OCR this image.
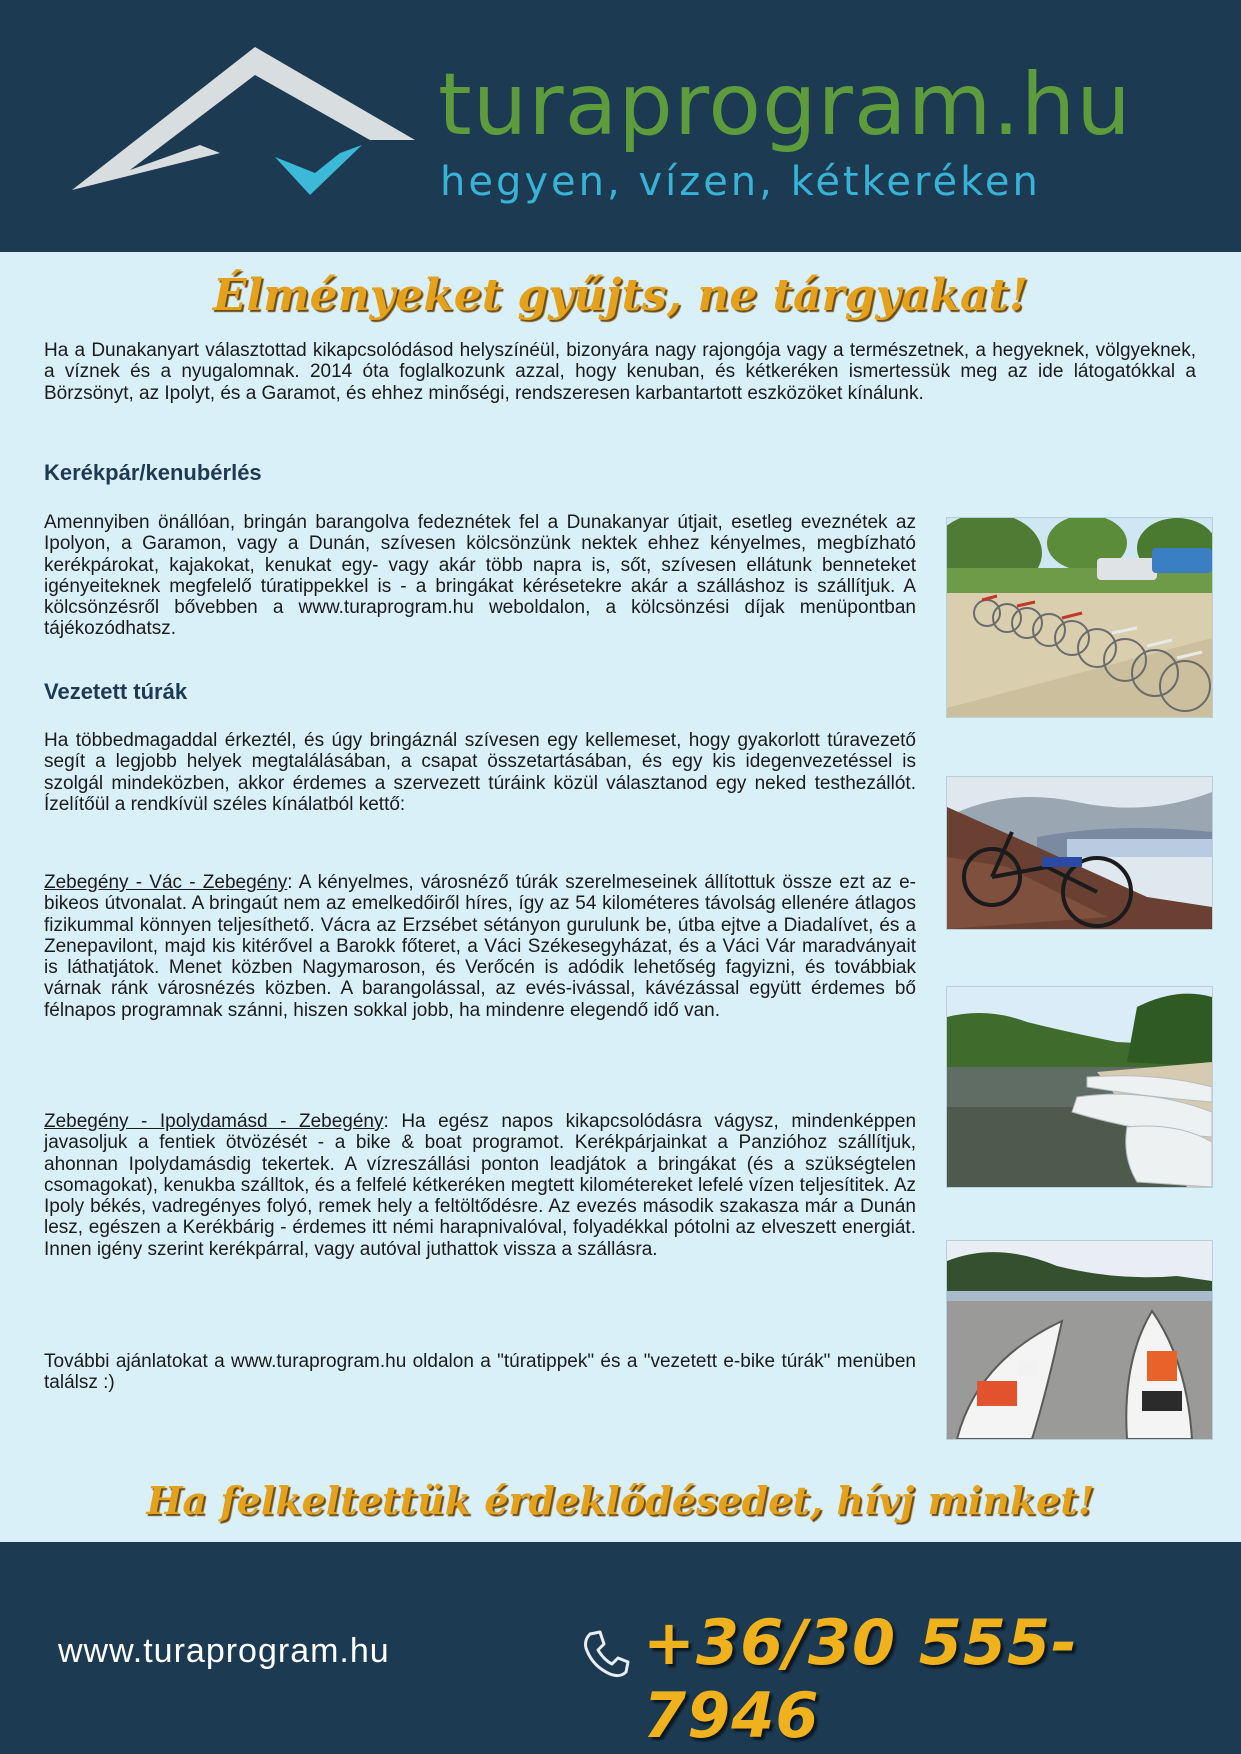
turaprogram.hu
hegyen, vízen, kétkeréken
Élményeket gyűjts, ne tárgyakat!

Ha a Dunakanyart választottad kikapcsolódásod helyszínéül, bizonyára nagy rajongója vagy a természetnek, a hegyeknek, völgyeknek, a víznek és a nyugalomnak. 2014 óta foglalkozunk azzal, hogy kenuban, és kétkeréken ismertessük meg az ide látogatókkal a Börzsönyt, az Ipolyt, és a Garamot, és ehhez minőségi, rendszeresen karbantartott eszközöket kínálunk.

Kerékpár/kenubérlés

Amennyiben önállóan, bringán barangolva fedeznétek fel a Dunakanyar útjait, esetleg eveznétek az Ipolyon, a Garamon, vagy a Dunán, szívesen kölcsönzünk nektek ehhez kényelmes, megbízható kerékpárokat, kajakokat, kenukat egy- vagy akár több napra is, sőt, szívesen ellátunk benneteket igényeiteknek megfelelő túratippekkel is - a bringákat kérésetekre akár a szálláshoz is szállítjuk. A kölcsönzésről bővebben a www.turaprogram.hu weboldalon, a kölcsönzési díjak menüpontban tájékozódhatsz.

Vezetett túrák

Ha többedmagaddal érkeztél, és úgy bringáznál szívesen egy kellemeset, hogy gyakorlott túravezető segít a legjobb helyek megtalálásában, a csapat összetartásában, és egy kis idegenvezetéssel is szolgál mindeközben, akkor érdemes a szervezett túráink közül választanod egy neked testhezállót. Ízelítőül a rendkívül széles kínálatból kettő:

Zebegény - Vác - Zebegény: A kényelmes, városnéző túrák szerelmeseinek állítottuk össze ezt az e-bikeos útvonalat. A bringaút nem az emelkedőiről híres, így az 54 kilométeres távolság ellenére átlagos fizikummal könnyen teljesíthető. Vácra az Erzsébet sétányon gurulunk be, útba ejtve a Diadalívet, és a Zenepavilont, majd kis kitérővel a Barokk főteret, a Váci Székesegyházat, és a Váci Vár maradványait is láthatjátok. Menet közben Nagymaroson, és Verőcén is adódik lehetőség fagyizni, és továbbiak várnak ránk városnézés közben. A barangolással, az evés-ivással, kávézással együtt érdemes bő félnapos programnak szánni, hiszen sokkal jobb, ha mindenre elegendő idő van.

Zebegény - Ipolydamásd - Zebegény: Ha egész napos kikapcsolódásra vágysz, mindenképpen javasoljuk a fentiek ötvözését - a bike & boat programot. Kerékpárjainkat a Panzióhoz szállítjuk, ahonnan Ipolydamásdig tekertek. A vízreszállási ponton leadjátok a bringákat (és a szükségtelen csomagokat), kenukba szálltok, és a felfelé kétkeréken megtett kilométereket lefelé vízen teljesítitek. Az Ipoly békés, vadregényes folyó, remek hely a feltöltődésre. Az evezés második szakasza már a Dunán lesz, egészen a Kerékbárig - érdemes itt némi harapnivalóval, folyadékkal pótolni az elveszett energiát. Innen igény szerint kerékpárral, vagy autóval juthattok vissza a szállásra.

További ajánlatokat a www.turaprogram.hu oldalon a "túratippek" és a "vezetett e-bike túrák" menüben találsz :)

Ha felkeltettük érdeklődésedet, hívj minket!
www.turaprogram.hu	+36/30 555-7946
